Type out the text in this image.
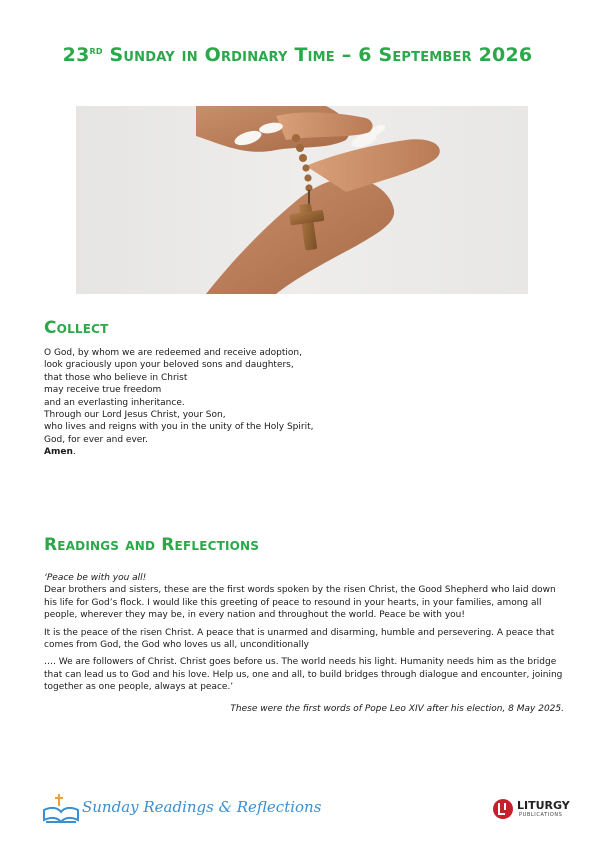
23rd Sunday in Ordinary Time – 6 September 2026
Collect
O God, by whom we are redeemed and receive adoption,
look graciously upon your beloved sons and daughters,
that those who believe in Christ
may receive true freedom
and an everlasting inheritance.
Through our Lord Jesus Christ, your Son,
who lives and reigns with you in the unity of the Holy Spirit,
God, for ever and ever.
Amen.
Readings and Reflections
‘Peace be with you all!

Dear brothers and sisters, these are the first words spoken by the risen Christ, the Good Shepherd who laid down his life for God’s flock. I would like this greeting of peace to resound in your hearts, in your families, among all people, wherever they may be, in every nation and throughout the world. Peace be with you!

It is the peace of the risen Christ. A peace that is unarmed and disarming, humble and persevering. A peace that comes from God, the God who loves us all, unconditionally

…. We are followers of Christ. Christ goes before us. The world needs his light. Humanity needs him as the bridge that can lead us to God and his love. Help us, one and all, to build bridges through dialogue and encounter, joining together as one people, always at peace.’

These were the first words of Pope Leo XIV after his election, 8 May 2025.
Sunday Readings & Reflections	LITURGY
PUBLICATIONS
